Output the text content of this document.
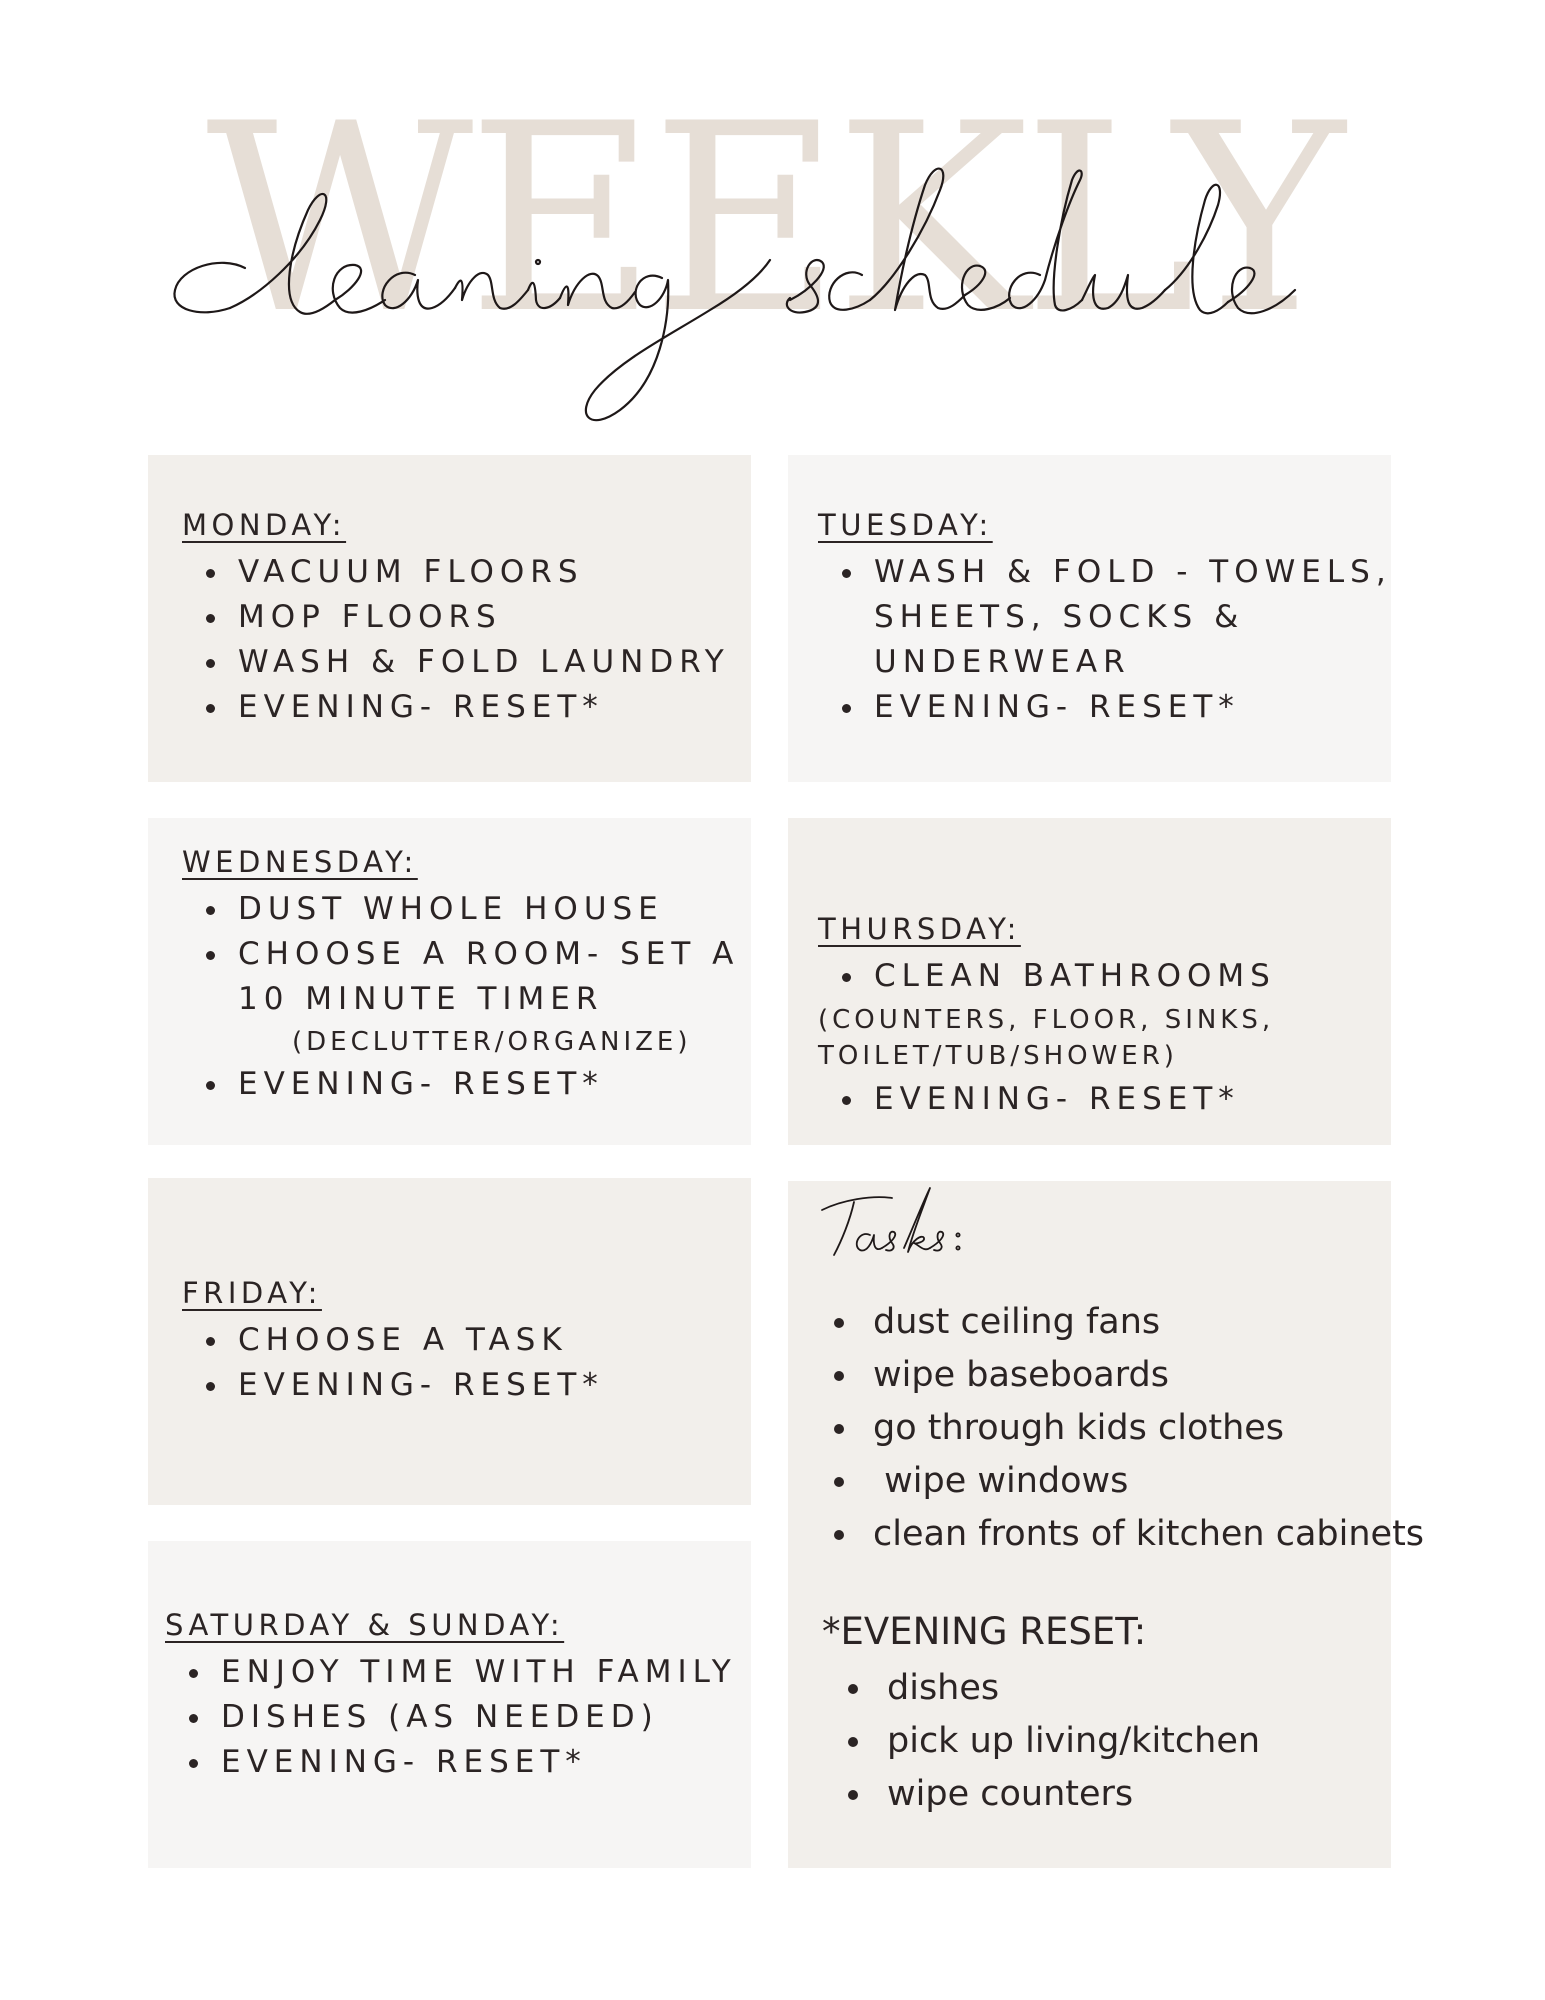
WEEKLY
MONDAY:
VACUUM FLOORS
MOP FLOORS
WASH & FOLD LAUNDRY
EVENING- RESET*
TUESDAY:
WASH & FOLD - TOWELS,
SHEETS, SOCKS &
UNDERWEAR
EVENING- RESET*
WEDNESDAY:
DUST WHOLE HOUSE
CHOOSE A ROOM- SET A
10 MINUTE TIMER
(DECLUTTER/ORGANIZE)
EVENING- RESET*
THURSDAY:
CLEAN BATHROOMS
(COUNTERS, FLOOR, SINKS,
TOILET/TUB/SHOWER)
EVENING- RESET*
FRIDAY:
CHOOSE A TASK
EVENING- RESET*
SATURDAY & SUNDAY:
ENJOY TIME WITH FAMILY
DISHES (AS NEEDED)
EVENING- RESET*
dust ceiling fans
wipe baseboards
go through kids clothes
wipe windows
clean fronts of kitchen cabinets
*EVENING RESET:
dishes
pick up living/kitchen
wipe counters
